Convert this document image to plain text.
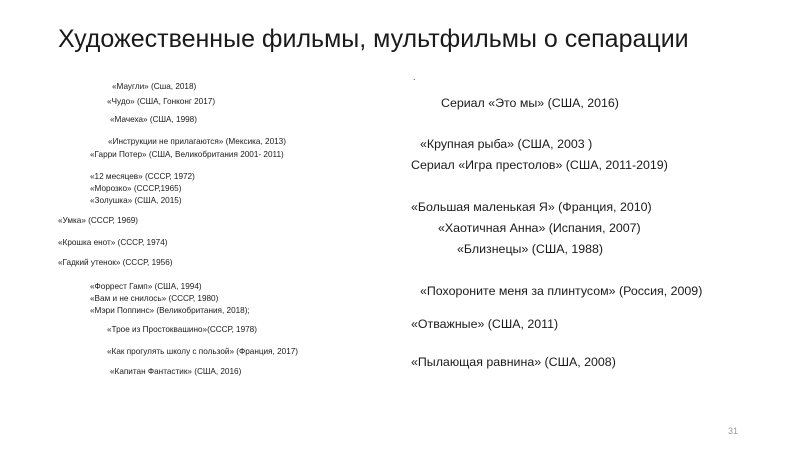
Художественные фильмы, мультфильмы о сепарации
«Маугли» (Сша, 2018)
«Чудо» (США, Гонконг 2017)
«Мачеха» (США, 1998)
«Инструкции не прилагаются» (Мексика, 2013)
«Гарри Потер» (США, Великобритания 2001- 2011)
«12 месяцев» (СССР, 1972)
«Морозко» (СССР,1965)
«Золушка» (США, 2015)
«Умка» (СССР, 1969)
«Крошка енот» (СССР, 1974)
«Гадкий утенок» (СССР, 1956)
«Форрест Гамп» (США, 1994)
«Вам и не снилось» (СССР, 1980)
«Мэри Поппинс» (Великобритания, 2018);
«Трое из Простоквашино»(СССР, 1978)
«Как прогулять школу с пользой» (Франция, 2017)
«Капитан Фантастик» (США, 2016)
.
Сериал «Это мы» (США, 2016)
«Крупная рыба» (США, 2003 )
Сериал «Игра престолов» (США, 2011-2019)
«Большая маленькая Я» (Франция, 2010)
«Хаотичная Анна» (Испания, 2007)
«Близнецы» (США, 1988)
«Похороните меня за плинтусом» (Россия, 2009)
«Отважные» (США, 2011)
«Пылающая равнина» (США, 2008)
31
